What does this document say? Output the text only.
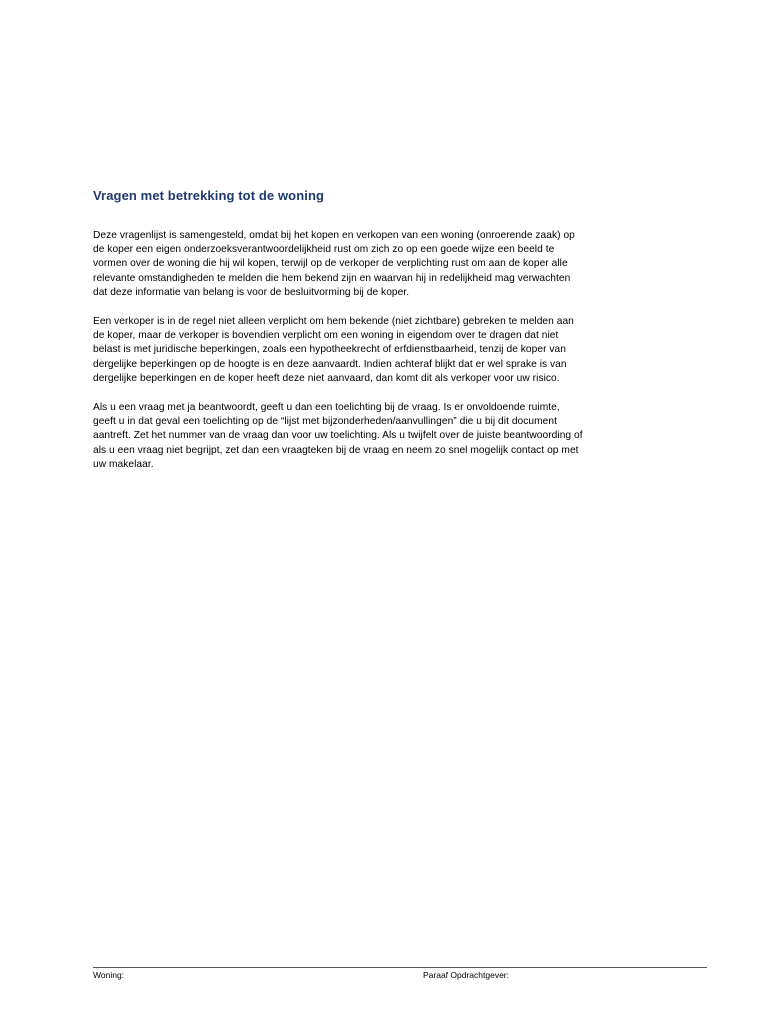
Vragen met betrekking tot de woning

Deze vragenlijst is samengesteld, omdat bij het kopen en verkopen van een woning (onroerende zaak) op
de koper een eigen onderzoeksverantwoordelijkheid rust om zich zo op een goede wijze een beeld te
vormen over de woning die hij wil kopen, terwijl op de verkoper de verplichting rust om aan de koper alle
relevante omstandigheden te melden die hem bekend zijn en waarvan hij in redelijkheid mag verwachten
dat deze informatie van belang is voor de besluitvorming bij de koper.

Een verkoper is in de regel niet alleen verplicht om hem bekende (niet zichtbare) gebreken te melden aan
de koper, maar de verkoper is bovendien verplicht om een woning in eigendom over te dragen dat niet
belast is met juridische beperkingen, zoals een hypotheekrecht of erfdienstbaarheid, tenzij de koper van
dergelijke beperkingen op de hoogte is en deze aanvaardt. Indien achteraf blijkt dat er wel sprake is van
dergelijke beperkingen en de koper heeft deze niet aanvaard, dan komt dit als verkoper voor uw risico.

Als u een vraag met ja beantwoordt, geeft u dan een toelichting bij de vraag. Is er onvoldoende ruimte,
geeft u in dat geval een toelichting op de “lijst met bijzonderheden/aanvullingen” die u bij dit document
aantreft. Zet het nummer van de vraag dan voor uw toelichting. Als u twijfelt over de juiste beantwoording of
als u een vraag niet begrijpt, zet dan een vraagteken bij de vraag en neem zo snel mogelijk contact op met
uw makelaar.

Woning:	Paraaf Opdrachtgever:
